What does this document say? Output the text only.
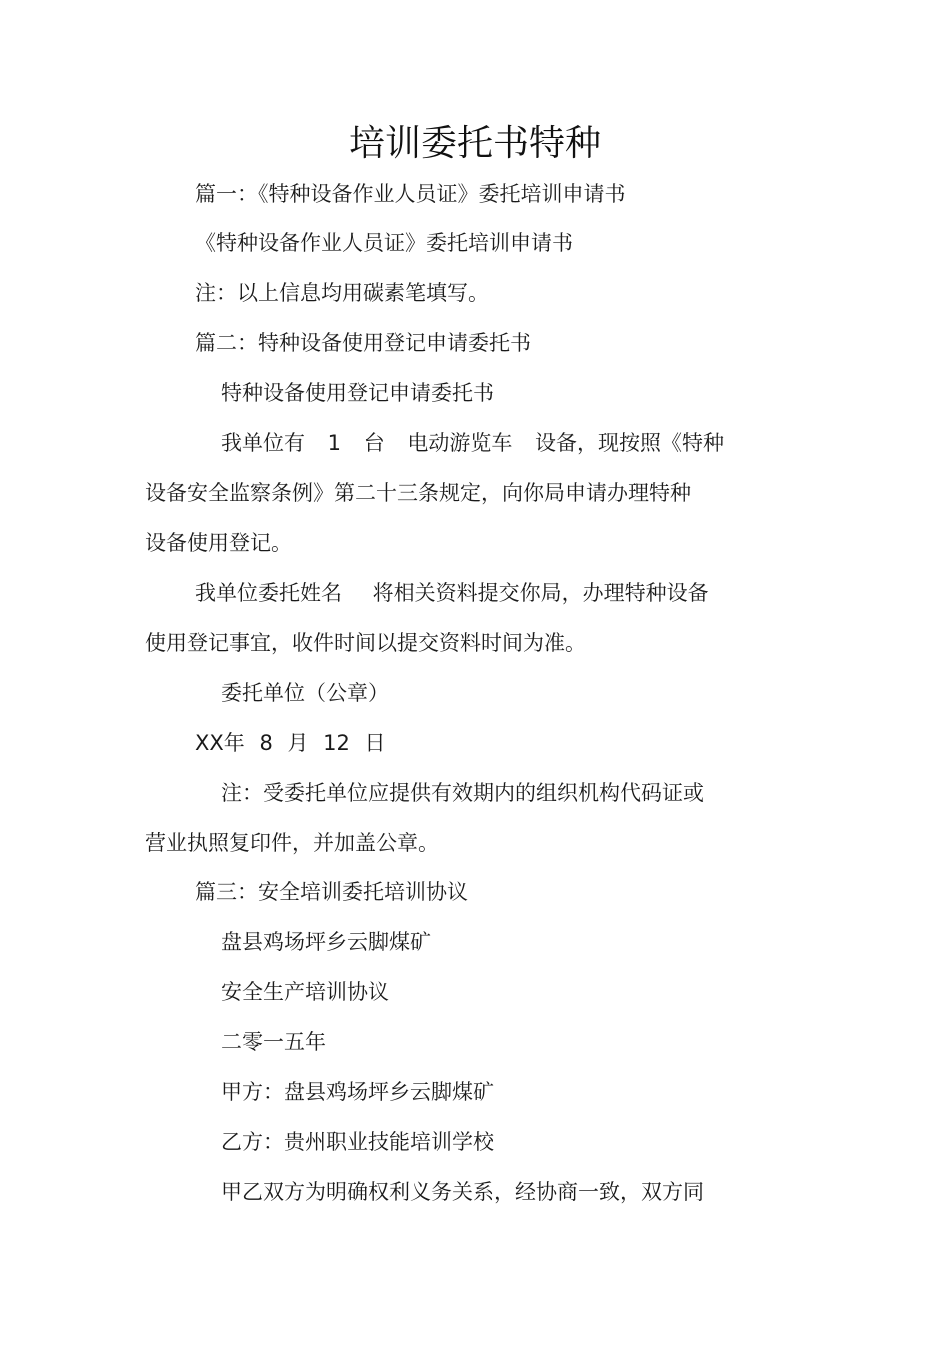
培训委托书特种
篇一：《特种设备作业人员证》委托培训申请书
《特种设备作业人员证》委托培训申请书
注：以上信息均用碳素笔填写。
篇二：特种设备使用登记申请委托书
特种设备使用登记申请委托书
我单位有 1 台 电动游览车 设备，现按照《特种
设备安全监察条例》第二十三条规定，向你局申请办理特种
设备使用登记。
我单位委托姓名 将相关资料提交你局，办理特种设备
使用登记事宜，收件时间以提交资料时间为准。
委托单位（公章）
XX年 8 月 12 日
注：受委托单位应提供有效期内的组织机构代码证或
营业执照复印件，并加盖公章。
篇三：安全培训委托培训协议
盘县鸡场坪乡云脚煤矿
安全生产培训协议
二零一五年
甲方：盘县鸡场坪乡云脚煤矿
乙方：贵州职业技能培训学校
甲乙双方为明确权利义务关系，经协商一致，双方同
